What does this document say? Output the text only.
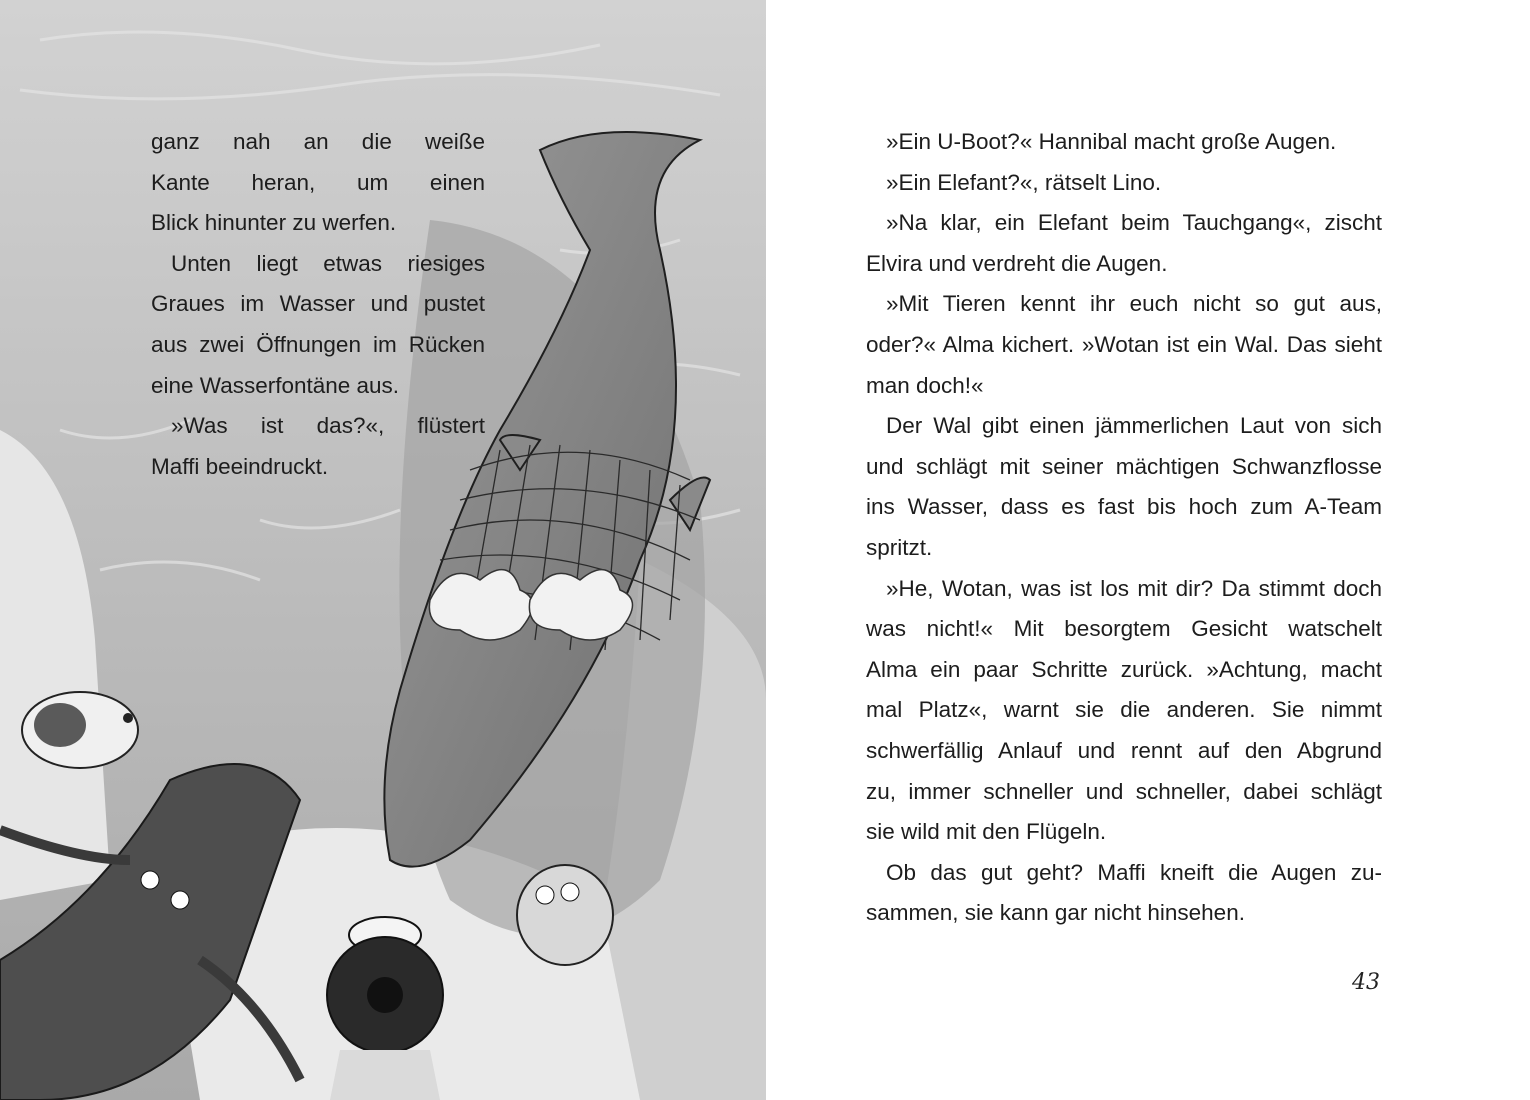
ganz nah an die weiße
Kante heran, um einen
Blick hinunter zu werfen.
Unten liegt etwas riesiges
Graues im Wasser und pustet
aus zwei Öffnungen im Rücken
eine Wasserfontäne aus.
»Was ist das?«, flüstert
Maffi beeindruckt.
»Ein U-Boot?« Hannibal macht große Augen.
»Ein Elefant?«, rätselt Lino.
»Na klar, ein Elefant beim Tauchgang«, zischt
Elvira und verdreht die Augen.
»Mit Tieren kennt ihr euch nicht so gut aus,
oder?« Alma kichert. »Wotan ist ein Wal. Das sieht
man doch!«
Der Wal gibt einen jämmerlichen Laut von sich
und schlägt mit seiner mächtigen Schwanzflosse
ins Wasser, dass es fast bis hoch zum A-Team
spritzt.
»He, Wotan, was ist los mit dir? Da stimmt doch
was nicht!« Mit besorgtem Gesicht watschelt
Alma ein paar Schritte zurück. »Achtung, macht
mal Platz«, warnt sie die anderen. Sie nimmt
schwerfällig Anlauf und rennt auf den Abgrund
zu, immer schneller und schneller, dabei schlägt
sie wild mit den Flügeln.
Ob das gut geht? Maffi kneift die Augen zu-
sammen, sie kann gar nicht hinsehen.
43
